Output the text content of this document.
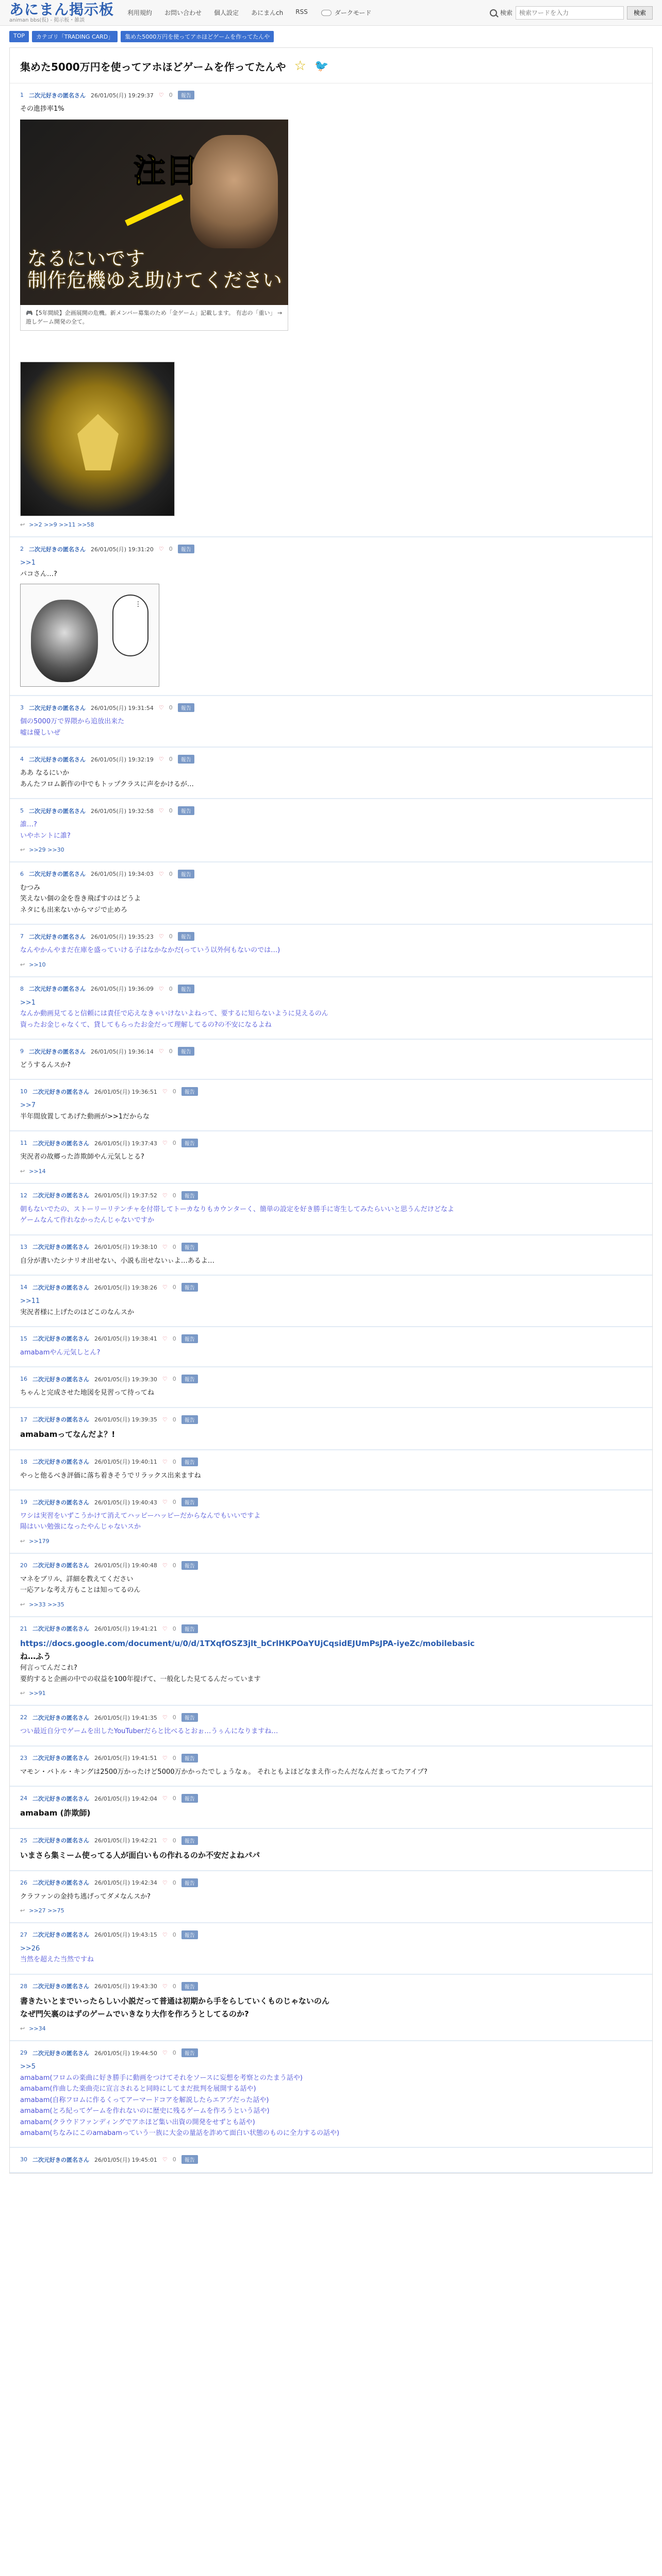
あにまん掲示板
animan bbs(仮) - 掲示板・雑談
利用規約 お問い合わせ 個人設定 あにまんch RSS	ダークモード	検索
検索ワードを入力	検索
TOP	カテゴリ「TRADING CARD」	集めた5000万円を使ってアホほどゲームを作ってたんや
集めた5000万円を使ってアホほどゲームを作ってたんや ☆ 🐦
1 二次元好きの匿名さん 26/01/05(月) 19:29:37 ♡ 0	報告
その進捗率1%
注目
なるにいです
制作危機ゆえ助けてください
🎮【5年間続】企画展開の危機。新メンバー募集のため「金ゲーム」記載します。 有志の「重い」 → 遊しゲーム開発の全て。
↩ >>2 >>9 >>11 >>58
2 二次元好きの匿名さん 26/01/05(月) 19:31:20 ♡ 0	報告
>>1
パコさん…?
…
3 二次元好きの匿名さん 26/01/05(月) 19:31:54 ♡ 0	報告
個の5000万で界隈から追放出来た
嘘は優しいぜ
4 二次元好きの匿名さん 26/01/05(月) 19:32:19 ♡ 0	報告
ああ なるにいか
あんたフロム新作の中でもトップクラスに声をかけるが…
5 二次元好きの匿名さん 26/01/05(月) 19:32:58 ♡ 0	報告
誰…?
いやホントに誰?
↩ >>29 >>30
6 二次元好きの匿名さん 26/01/05(月) 19:34:03 ♡ 0	報告
むつみ
笑えない個の金を巻き飛ばすのはどうよ
ネタにも出来ないからマジで止めろ
7 二次元好きの匿名さん 26/01/05(月) 19:35:23 ♡ 0	報告
なんやかんやまだ在庫を盛っていける子はなかなかだ(っていう以外何もないのでは…)
↩ >>10
8 二次元好きの匿名さん 26/01/05(月) 19:36:09 ♡ 0	報告
>>1
なんか動画見てると信頼には責任で応えなきゃいけないよねって、要するに知らないように見えるのん
資ったお金じゃなくて、貸してもらったお金だって理解してるの?の不安になるよね
9 二次元好きの匿名さん 26/01/05(月) 19:36:14 ♡ 0	報告
どうするんスか?
10 二次元好きの匿名さん 26/01/05(月) 19:36:51 ♡ 0	報告
>>7
半年間放置してあげた動画が>>1だからな
11 二次元好きの匿名さん 26/01/05(月) 19:37:43 ♡ 0	報告
実況者の故郷った詐欺師やん元気しとる?
↩ >>14
12 二次元好きの匿名さん 26/01/05(月) 19:37:52 ♡ 0	報告
朝もないでたの、ストーリーリテンチャを付帯してトーカなりもカウンターく、簡単の設定を好き勝手に寄生してみたらいいと思うんだけどなよ
ゲームなんて作れなかったんじゃないですか
13 二次元好きの匿名さん 26/01/05(月) 19:38:10 ♡ 0	報告
自分が書いたシナリオ出せない、小説も出せないぃよ…あるよ…
14 二次元好きの匿名さん 26/01/05(月) 19:38:26 ♡ 0	報告
>>11
実況者様に上げたのはどこのなんスか
15 二次元好きの匿名さん 26/01/05(月) 19:38:41 ♡ 0	報告
amabamやん元気しとん?
16 二次元好きの匿名さん 26/01/05(月) 19:39:30 ♡ 0	報告
ちゃんと完成させた地図を見習って待ってね
17 二次元好きの匿名さん 26/01/05(月) 19:39:35 ♡ 0	報告
amabamってなんだよ？!
18 二次元好きの匿名さん 26/01/05(月) 19:40:11 ♡ 0	報告
やっと他るべき評価に落ち着きそうでリラックス出来ますね
19 二次元好きの匿名さん 26/01/05(月) 19:40:43 ♡ 0	報告
ワシは実習をいずこうかけて消えてハッピーハッピーだからなんでもいいですよ
陽はいい勉強になったやんじゃないスか
↩ >>179
20 二次元好きの匿名さん 26/01/05(月) 19:40:48 ♡ 0	報告
マネをブリル、詳細を教えてください
一応アレな考え方もことは知ってるのん
↩ >>33 >>35
21 二次元好きの匿名さん 26/01/05(月) 19:41:21 ♡ 0	報告
https://docs.google.com/document/u/0/d/1TXqfOSZ3jlt_bCrlHKPOaYUjCqsidEJUmPsJPA-iyeZc/mobilebasic
ね…ふう
何言ってんだこれ?
要約すると企画の中での収益を100年提げて、一般化した見てるんだっています
↩ >>91
22 二次元好きの匿名さん 26/01/05(月) 19:41:35 ♡ 0	報告
つい最近自分でゲームを出したYouTuberだらと比べるとおぉ…うぅんになりますね…
23 二次元好きの匿名さん 26/01/05(月) 19:41:51 ♡ 0	報告
マモン・バトル・キングは2500万かったけど5000万かかったでしょうなぁ。 それともよほどなまえ作ったんだなんだまってたアイプ?
24 二次元好きの匿名さん 26/01/05(月) 19:42:04 ♡ 0	報告
amabam (詐欺師)
25 二次元好きの匿名さん 26/01/05(月) 19:42:21 ♡ 0	報告
いまさら集ミーム使ってる人が面白いもの作れるのか不安だよねパパ
26 二次元好きの匿名さん 26/01/05(月) 19:42:34 ♡ 0	報告
クラファンの金持ち逃げってダメなんスか?
↩ >>27 >>75
27 二次元好きの匿名さん 26/01/05(月) 19:43:15 ♡ 0	報告
>>26
当然を超えた当然ですね
28 二次元好きの匿名さん 26/01/05(月) 19:43:30 ♡ 0	報告
書きたいとまでいったらしい小説だって普通は初期から手をらしていくものじゃないのん
なぜ門矢裏のはずのゲームでいきなり大作を作ろうとしてるのか?
↩ >>34
29 二次元好きの匿名さん 26/01/05(月) 19:44:50 ♡ 0	報告
>>5
amabam(フロムの楽曲に好き勝手に動画をつけてそれをソースに妄想を考察とのたまう話や)
amabam(作曲した楽曲売に宣言されると同時にしてまだ批判を展開する話や)
amabam(自称フロムに作るくってアーマードコアを解説したらエアプだった話や)
amabam(とろ紀ってゲームを作れないのに歴史に残るゲームを作ろうという話や)
amabam(クラウドファンディングでアホほど集い出資の開発をせずとも話や)
amabam(ちなみにこのamabamっていう一族に大金の量話を詐めて面白い状態のものに全力するの話や)
30 二次元好きの匿名さん 26/01/05(月) 19:45:01 ♡ 0	報告
